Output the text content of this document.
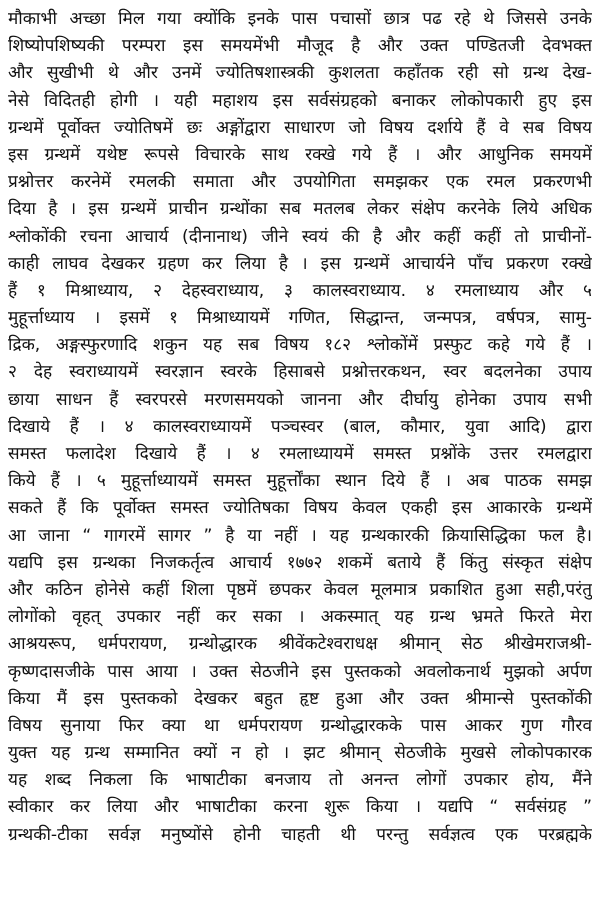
मौकाभी अच्छा मिल गया क्योंकि इनके पास पचासों छात्र पढ रहे थे जिससे उनके
शिष्योपशिष्यकी परम्परा इस समयमेंभी मौजूद है और उक्त पण्डितजी देवभक्त
और सुखीभी थे और उनमें ज्योतिषशास्त्रकी कुशलता कहाँतक रही सो ग्रन्थ देख-
नेसे विदितही होगी । यही महाशय इस सर्वसंग्रहको बनाकर लोकोपकारी हुए इस
ग्रन्थमें पूर्वोक्त ज्योतिषमें छः अङ्गोंद्वारा साधारण जो विषय दर्शाये हैं वे सब विषय
इस ग्रन्थमें यथेष्ट रूपसे विचारके साथ रक्खे गये हैं । और आधुनिक समयमें
प्रश्नोत्तर करनेमें रमलकी समाता और उपयोगिता समझकर एक रमल प्रकरणभी
दिया है । इस ग्रन्थमें प्राचीन ग्रन्थोंका सब मतलब लेकर संक्षेप करनेके लिये अधिक
श्लोकोंकी रचना आचार्य (दीनानाथ) जीने स्वयं की है और कहीं कहीं तो प्राचीनों-
काही लाघव देखकर ग्रहण कर लिया है । इस ग्रन्थमें आचार्यने पाँच प्रकरण रक्खे
हैं १ मिश्राध्याय, २ देहस्वराध्याय, ३ कालस्वराध्याय. ४ रमलाध्याय और ५
मुहूर्त्ताध्याय । इसमें १ मिश्राध्यायमें गणित, सिद्धान्त, जन्मपत्र, वर्षपत्र, सामु-
द्रिक, अङ्गस्फुरणादि शकुन यह सब विषय १८२ श्लोकोंमें प्रस्फुट कहे गये हैं ।
२ देह स्वराध्यायमें स्वरज्ञान स्वरके हिसाबसे प्रश्नोत्तरकथन, स्वर बदलनेका उपाय
छाया साधन हैं स्वरपरसे मरणसमयको जानना और दीर्घायु होनेका उपाय सभी
दिखाये हैं । ४ कालस्वराध्यायमें पञ्चस्वर (बाल, कौमार, युवा आदि) द्वारा
समस्त फलादेश दिखाये हैं । ४ रमलाध्यायमें समस्त प्रश्नोंके उत्तर रमलद्वारा
किये हैं । ५ मुहूर्त्ताध्यायमें समस्त मुहूर्त्तोंका स्थान दिये हैं । अब पाठक समझ
सकते हैं कि पूर्वोक्त समस्त ज्योतिषका विषय केवल एकही इस आकारके ग्रन्थमें
आ जाना “ गागरमें सागर ” है या नहीं । यह ग्रन्थकारकी क्रियासिद्धिका फल है।
यद्यपि इस ग्रन्थका निजकर्तृत्व आचार्य १७७२ शकमें बताये हैं किंतु संस्कृत संक्षेप
और कठिन होनेसे कहीं शिला पृष्ठमें छपकर केवल मूलमात्र प्रकाशित हुआ सही,परंतु
लोगोंको वृहत् उपकार नहीं कर सका । अकस्मात् यह ग्रन्थ भ्रमते फिरते मेरा
आश्रयरूप, धर्मपरायण, ग्रन्थोद्धारक श्रीवेंकटेश्वराधक्ष श्रीमान् सेठ श्रीखेमराजश्री-
कृष्णदासजीके पास आया । उक्त सेठजीने इस पुस्तकको अवलोकनार्थ मुझको अर्पण
किया मैं इस पुस्तकको देखकर बहुत हृष्ट हुआ और उक्त श्रीमान्से पुस्तकोंकी
विषय सुनाया फिर क्या था धर्मपरायण ग्रन्थोद्धारकके पास आकर गुण गौरव
युक्त यह ग्रन्थ सम्मानित क्यों न हो । झट श्रीमान् सेठजीके मुखसे लोकोपकारक
यह शब्द निकला कि भाषाटीका बनजाय तो अनन्त लोगों उपकार होय, मैंने
स्वीकार कर लिया और भाषाटीका करना शुरू किया । यद्यपि “ सर्वसंग्रह ”
ग्रन्थकी-टीका सर्वज्ञ मनुष्योंसे होनी चाहती थी परन्तु सर्वज्ञत्व एक परब्रह्मके
